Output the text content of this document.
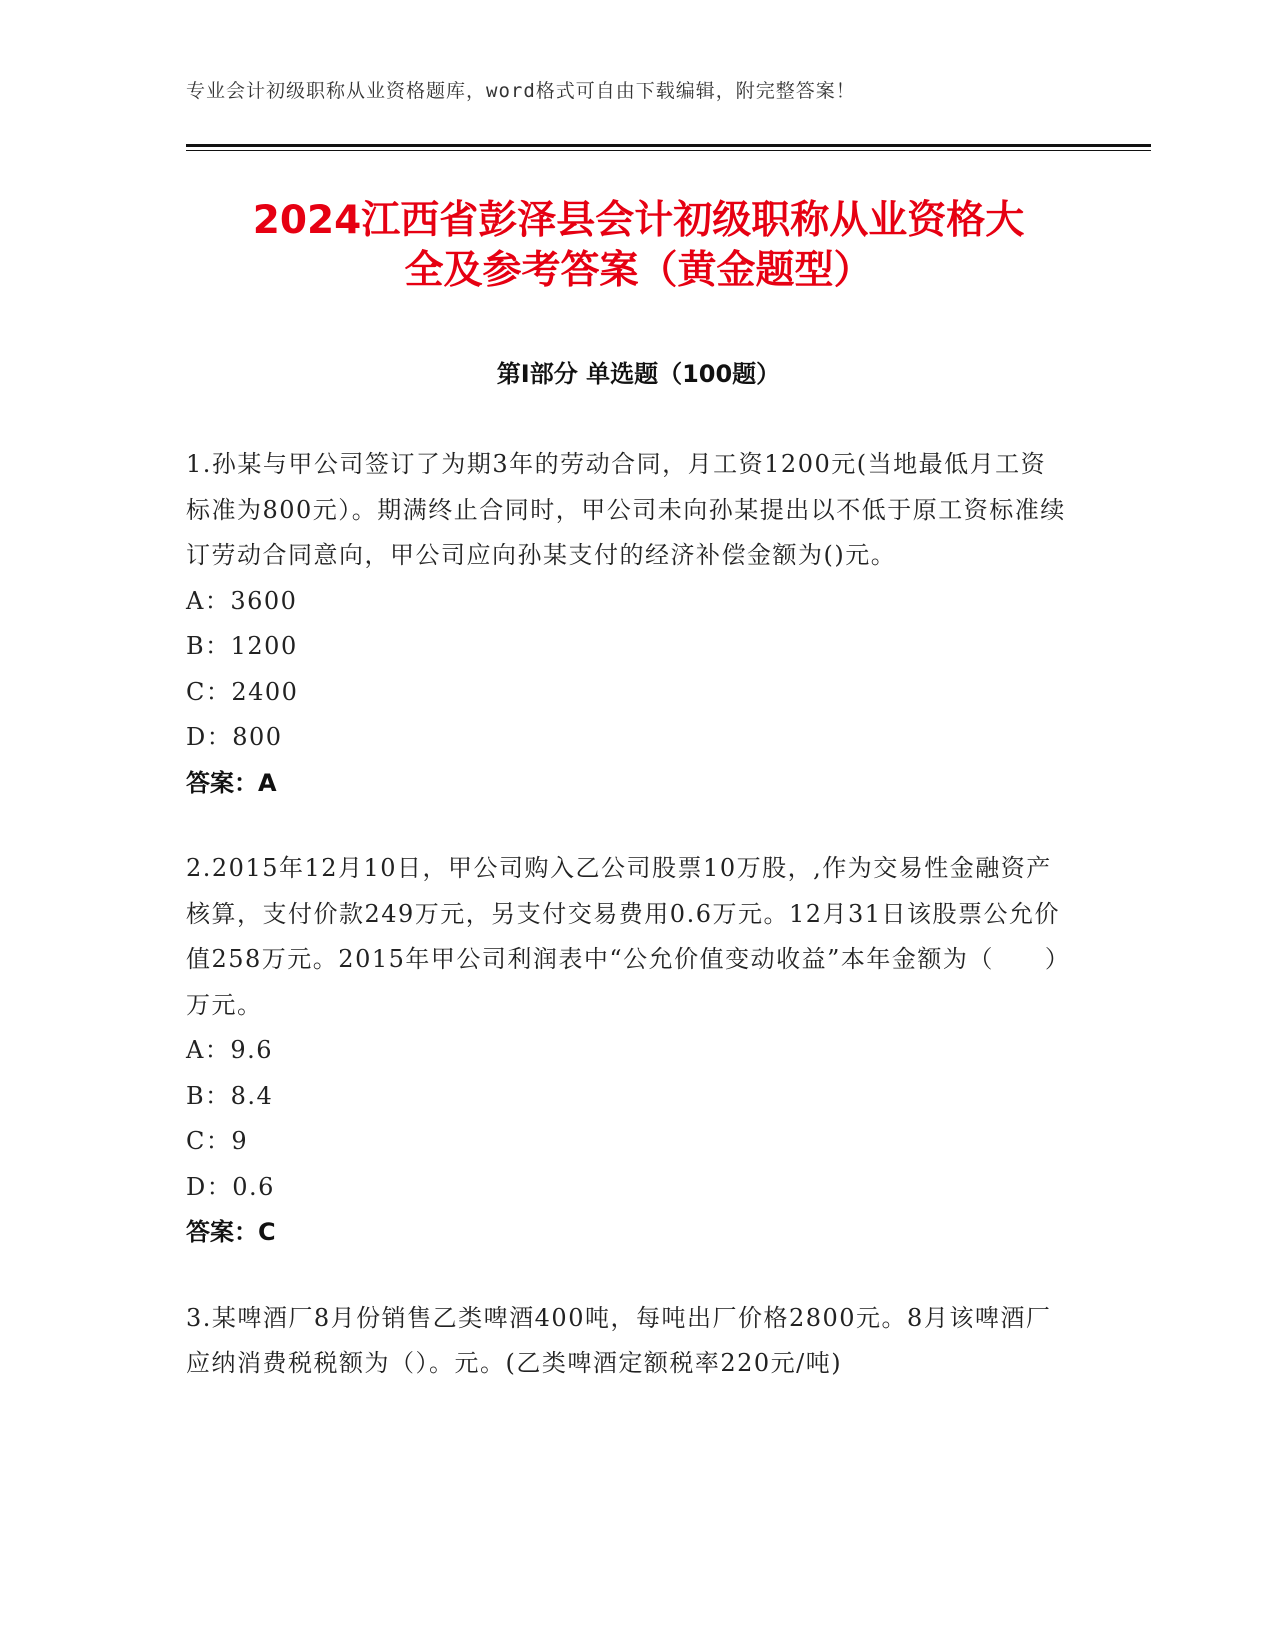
专业会计初级职称从业资格题库，word格式可自由下载编辑，附完整答案！
2024江西省彭泽县会计初级职称从业资格大
全及参考答案（黄金题型）
第I部分 单选题（100题）

1.孙某与甲公司签订了为期3年的劳动合同，月工资1200元(当地最低月工资标准为800元）。期满终止合同时，甲公司未向孙某提出以不低于原工资标准续订劳动合同意向，甲公司应向孙某支付的经济补偿金额为()元。

A：3600
B：1200
C：2400
D：800
答案：A

2.2015年12月10日，甲公司购入乙公司股票10万股，,作为交易性金融资产核算，支付价款249万元，另支付交易费用0.6万元。12月31日该股票公允价值258万元。2015年甲公司利润表中“公允价值变动收益”本年金额为（　　）万元。

A：9.6
B：8.4
C：9
D：0.6
答案：C

3.某啤酒厂8月份销售乙类啤酒400吨，每吨出厂价格2800元。8月该啤酒厂应纳消费税税额为（）。元。(乙类啤酒定额税率220元/吨)
